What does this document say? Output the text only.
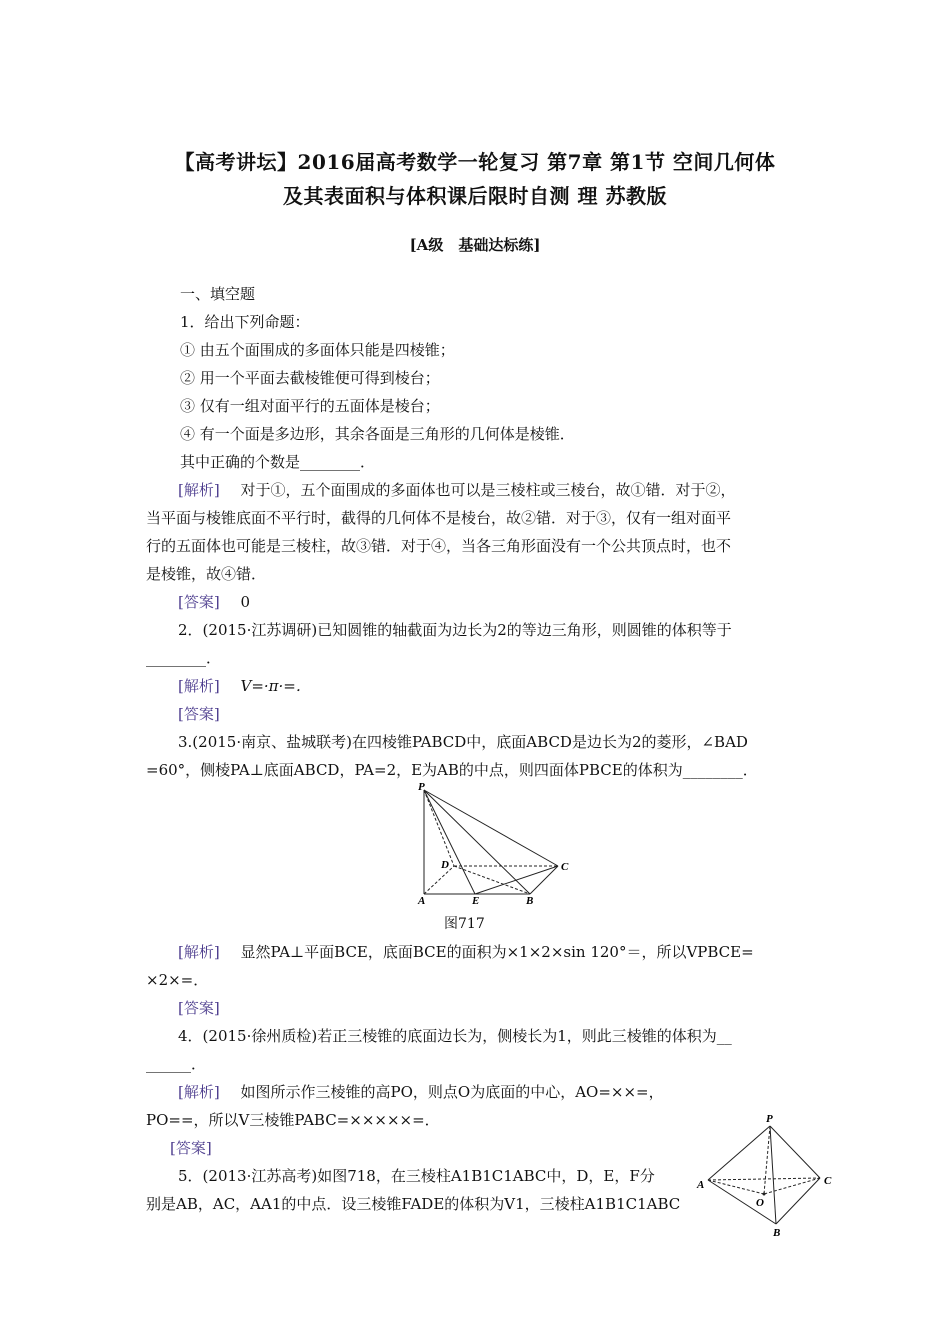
【高考讲坛】2016届高考数学一轮复习 第7章 第1节 空间几何体
及其表面积与体积课后限时自测 理 苏教版
[A级　基础达标练]
一、填空题
1．给出下列命题：
① 由五个面围成的多面体只能是四棱锥；
② 用一个平面去截棱锥便可得到棱台；
③ 仅有一组对面平行的五面体是棱台；
④ 有一个面是多边形，其余各面是三角形的几何体是棱锥．
其中正确的个数是________．
[解析] 对于①，五个面围成的多面体也可以是三棱柱或三棱台，故①错．对于②，
当平面与棱锥底面不平行时，截得的几何体不是棱台，故②错．对于③，仅有一组对面平
行的五面体也可能是三棱柱，故③错．对于④，当各三角形面没有一个公共顶点时，也不
是棱锥，故④错．
[答案] 0
2．(2015·江苏调研)已知圆锥的轴截面为边长为2的等边三角形，则圆锥的体积等于
________．
[解析] V=·π·=．
[答案]
3.(2015·南京、盐城联考)在四棱锥PABCD中，底面ABCD是边长为2的菱形，∠BAD
=60°，侧棱PA⊥底面ABCD，PA=2，E为AB的中点，则四面体PBCE的体积为________．
P
D	C
A	E	B
图717
[解析] 显然PA⊥平面BCE，底面BCE的面积为×1×2×sin 120°＝，所以VPBCE=
×2×=．
[答案]
4．(2015·徐州质检)若正三棱锥的底面边长为，侧棱长为1，则此三棱锥的体积为__
______．
[解析] 如图所示作三棱锥的高PO，则点O为底面的中心，AO=××=，
PO==，所以V三棱锥PABC=×××××=．
[答案]
P
A
O
C
B
5．(2013·江苏高考)如图718，在三棱柱A1B1C1ABC中，D，E，F分
别是AB，AC，AA1的中点．设三棱锥FADE的体积为V1，三棱柱A1B1C1ABC
